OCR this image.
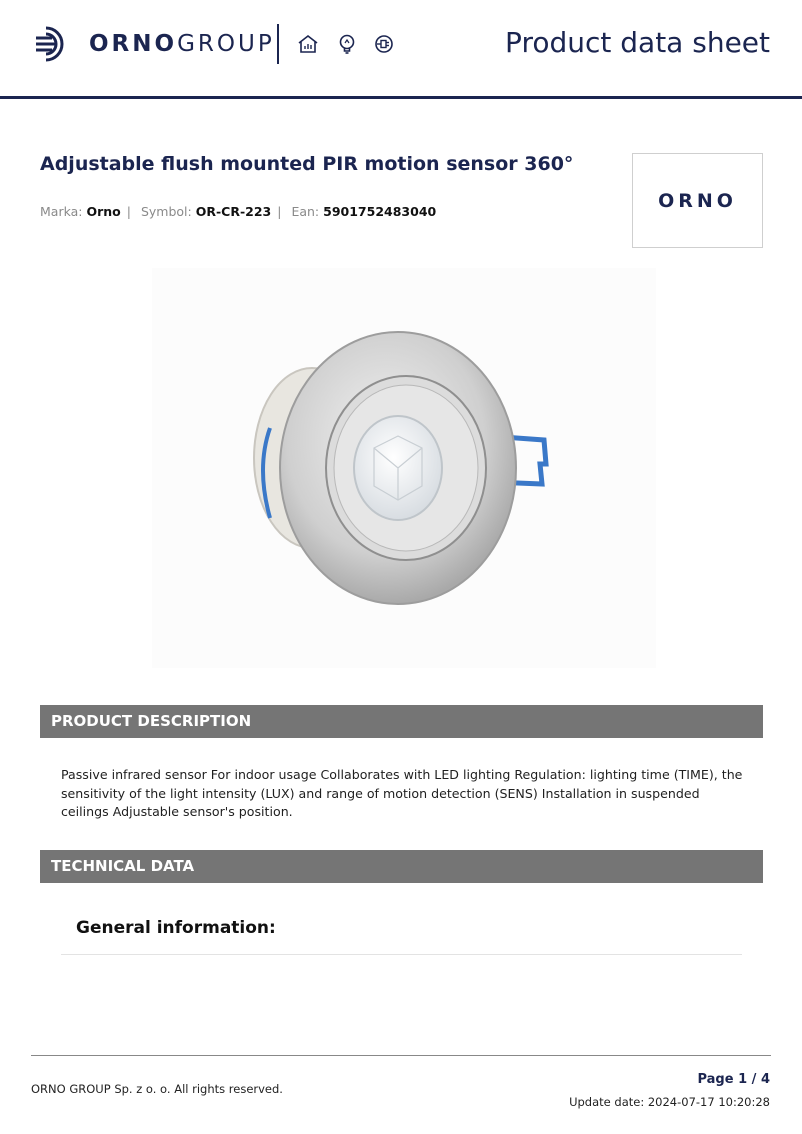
ORNOGROUP	Product data sheet
Adjustable flush mounted PIR motion sensor 360°
Marka: Orno | Symbol: OR-CR-223 | Ean: 5901752483040	ORNO
PRODUCT DESCRIPTION

Passive infrared sensor For indoor usage Collaborates with LED lighting Regulation: lighting time (TIME), the sensitivity of the light intensity (LUX) and range of motion detection (SENS) Installation in suspended ceilings Adjustable sensor's position.

TECHNICAL DATA
General information:
ORNO GROUP Sp. z o. o. All rights reserved.
Page 1 / 4
Update date: 2024-07-17 10:20:28
